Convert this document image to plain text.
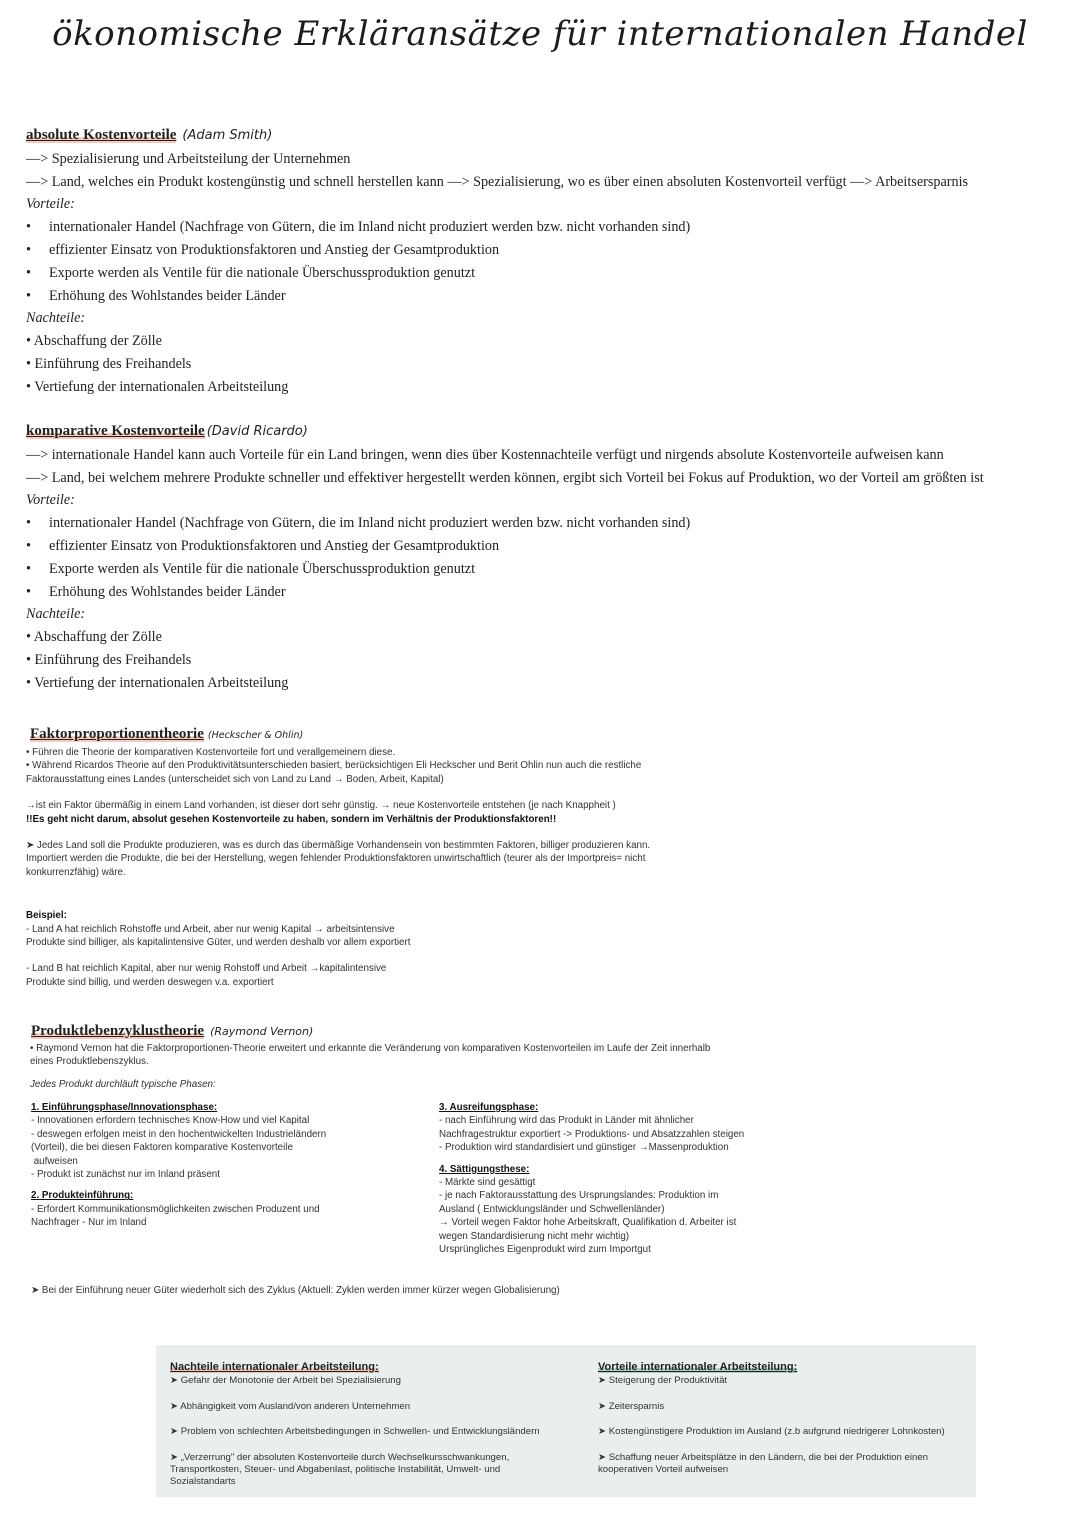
ökonomische Erkläransätze für internationalen Handel
absolute Kostenvorteile (Adam Smith)
—> Spezialisierung und Arbeitsteilung der Unternehmen
—> Land, welches ein Produkt kostengünstig und schnell herstellen kann —> Spezialisierung, wo es über einen absoluten Kostenvorteil verfügt —> Arbeitsersparnis
Vorteile:
• internationaler Handel (Nachfrage von Gütern, die im Inland nicht produziert werden bzw. nicht vorhanden sind)
• effizienter Einsatz von Produktionsfaktoren und Anstieg der Gesamtproduktion
• Exporte werden als Ventile für die nationale Überschussproduktion genutzt
• Erhöhung des Wohlstandes beider Länder
Nachteile:
• Abschaffung der Zölle
• Einführung des Freihandels
• Vertiefung der internationalen Arbeitsteilung
komparative Kostenvorteile (David Ricardo)
—> internationale Handel kann auch Vorteile für ein Land bringen, wenn dies über Kostennachteile verfügt und nirgends absolute Kostenvorteile aufweisen kann
—> Land, bei welchem mehrere Produkte schneller und effektiver hergestellt werden können, ergibt sich Vorteil bei Fokus auf Produktion, wo der Vorteil am größten ist
Vorteile:
• internationaler Handel (Nachfrage von Gütern, die im Inland nicht produziert werden bzw. nicht vorhanden sind)
• effizienter Einsatz von Produktionsfaktoren und Anstieg der Gesamtproduktion
• Exporte werden als Ventile für die nationale Überschussproduktion genutzt
• Erhöhung des Wohlstandes beider Länder
Nachteile:
• Abschaffung der Zölle
• Einführung des Freihandels
• Vertiefung der internationalen Arbeitsteilung
Faktorproportionentheorie (Heckscher & Ohlin)
• Führen die Theorie der komparativen Kostenvorteile fort und verallgemeinern diese.
• Während Ricardos Theorie auf den Produktivitätsunterschieden basiert, berücksichtigen Eli Heckscher und Berit Ohlin nun auch die restliche
Faktorausstattung eines Landes (unterscheidet sich von Land zu Land → Boden, Arbeit, Kapital)
→ist ein Faktor übermäßig in einem Land vorhanden, ist dieser dort sehr günstig. → neue Kostenvorteile entstehen (je nach Knappheit )
!!Es geht nicht darum, absolut gesehen Kostenvorteile zu haben, sondern im Verhältnis der Produktionsfaktoren!!
➤ Jedes Land soll die Produkte produzieren, was es durch das übermäßige Vorhandensein von bestimmten Faktoren, billiger produzieren kann.
Importiert werden die Produkte, die bei der Herstellung, wegen fehlender Produktionsfaktoren unwirtschaftlich (teurer als der Importpreis= nicht
konkurrenzfähig) wäre.
Beispiel:
- Land A hat reichlich Rohstoffe und Arbeit, aber nur wenig Kapital → arbeitsintensive
Produkte sind billiger, als kapitalintensive Güter, und werden deshalb vor allem exportiert
- Land B hat reichlich Kapital, aber nur wenig Rohstoff und Arbeit →kapitalintensive
Produkte sind billig, und werden deswegen v.a. exportiert
Produktlebenzyklustheorie (Raymond Vernon)
• Raymond Vernon hat die Faktorproportionen-Theorie erweitert und erkannte die Veränderung von komparativen Kostenvorteilen im Laufe der Zeit innerhalb
eines Produktlebenszyklus.
Jedes Produkt durchläuft typische Phasen:
1. Einführungsphase/Innovationsphase:
- Innovationen erfordern technisches Know-How und viel Kapital
- deswegen erfolgen meist in den hochentwickelten Industrieländern
(Vorteil), die bei diesen Faktoren komparative Kostenvorteile
aufweisen
- Produkt ist zunächst nur im Inland präsent
2. Produkteinführung:
- Erfordert Kommunikationsmöglichkeiten zwischen Produzent und
Nachfrager - Nur im Inland
3. Ausreifungsphase:
- nach Einführung wird das Produkt in Länder mit ähnlicher
Nachfragestruktur exportiert -> Produktions- und Absatzzahlen steigen
- Produktion wird standardisiert und günstiger →Massenproduktion
4. Sättigungsthese:
- Märkte sind gesättigt
- je nach Faktorausstattung des Ursprungslandes: Produktion im
Ausland ( Entwicklungsländer und Schwellenländer)
→ Vorteil wegen Faktor hohe Arbeitskraft, Qualifikation d. Arbeiter ist
wegen Standardisierung nicht mehr wichtig)
Ursprüngliches Eigenprodukt wird zum Importgut
➤ Bei der Einführung neuer Güter wiederholt sich des Zyklus (Aktuell: Zyklen werden immer kürzer wegen Globalisierung)
Nachteile internationaler Arbeitsteilung:
➤ Gefahr der Monotonie der Arbeit bei Spezialisierung
➤ Abhängigkeit vom Ausland/von anderen Unternehmen
➤ Problem von schlechten Arbeitsbedingungen in Schwellen- und Entwicklungsländern
➤ „Verzerrung" der absoluten Kostenvorteile durch Wechselkursschwankungen,
Transportkosten, Steuer- und Abgabenlast, politische Instabilität, Umwelt- und
Sozialstandarts
Vorteile internationaler Arbeitsteilung:
➤ Steigerung der Produktivität
➤ Zeitersparnis
➤ Kostengünstigere Produktion im Ausland (z.b aufgrund niedrigerer Lohnkosten)
➤ Schaffung neuer Arbeitsplätze in den Ländern, die bei der Produktion einen
kooperativen Vorteil aufweisen
